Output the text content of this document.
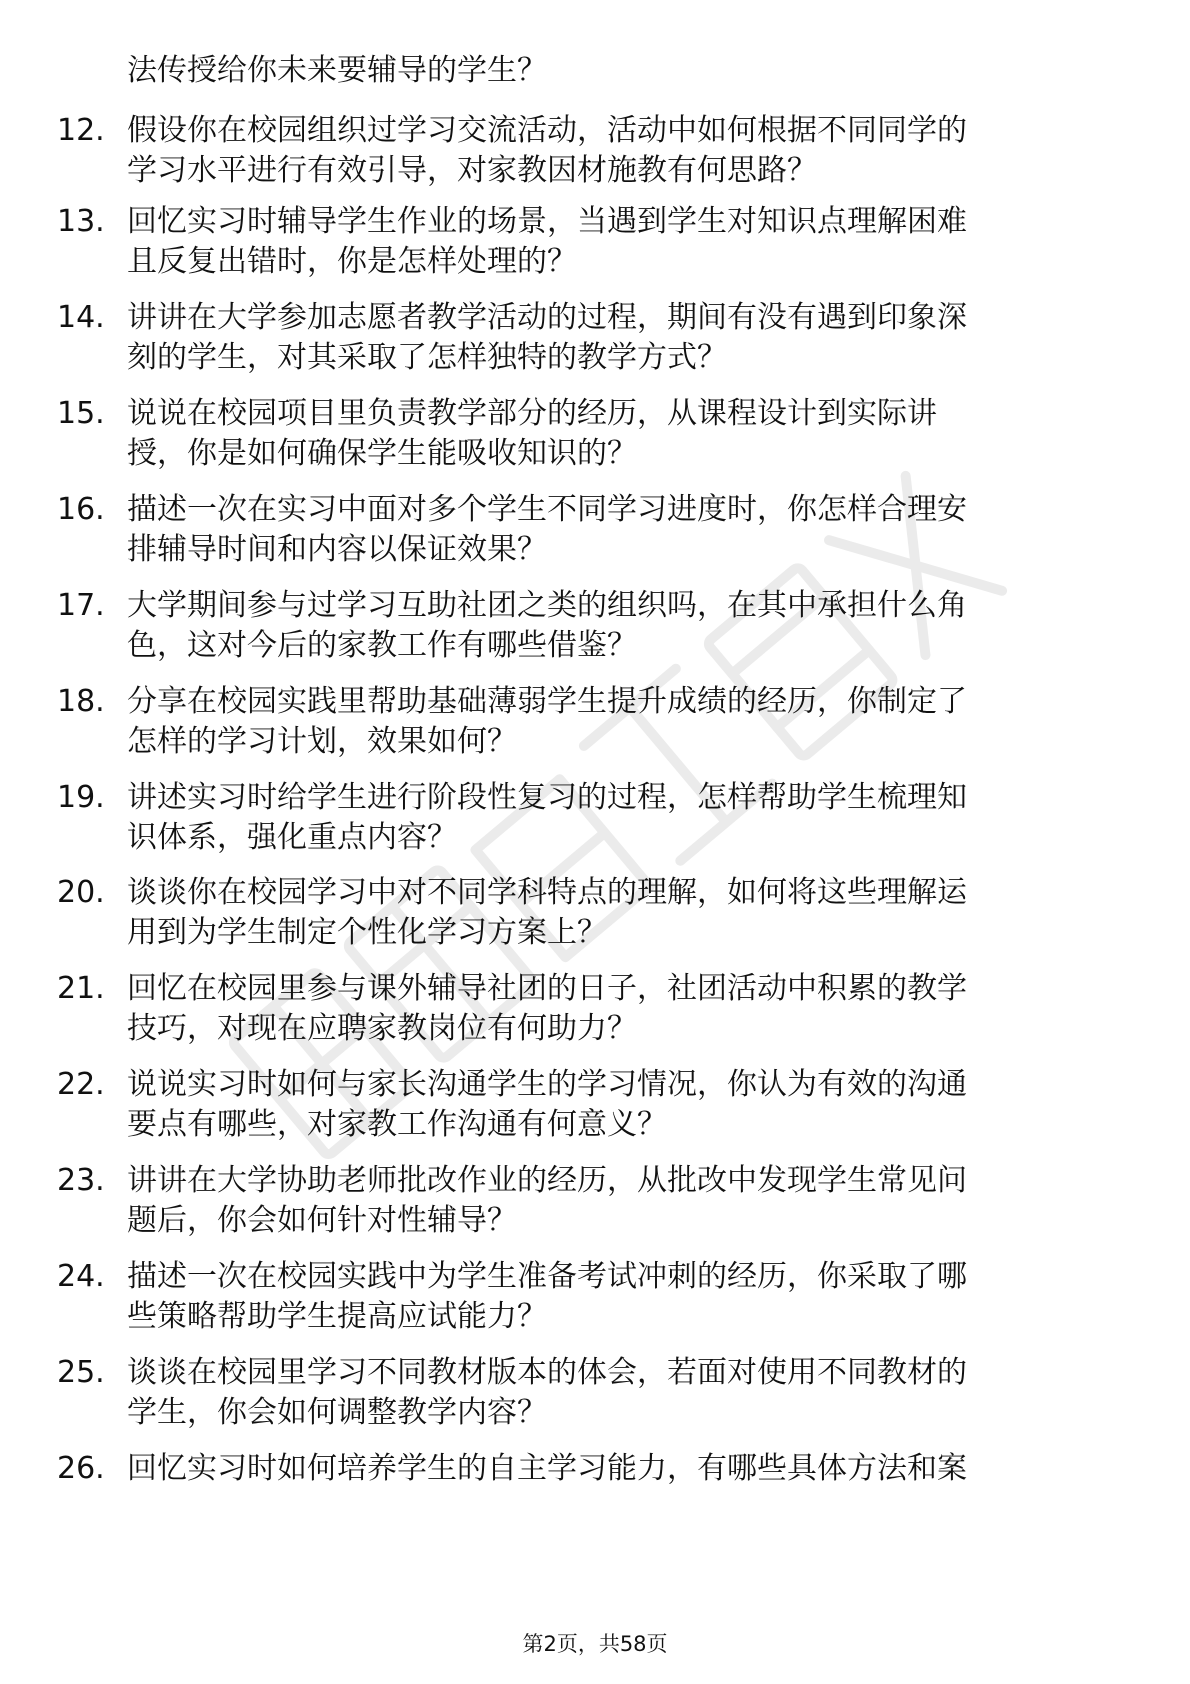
法传授给你未来要辅导的学生？
12. 假设你在校园组织过学习交流活动，活动中如何根据不同同学的
学习水平进行有效引导，对家教因材施教有何思路？
13. 回忆实习时辅导学生作业的场景，当遇到学生对知识点理解困难
且反复出错时，你是怎样处理的？
14. 讲讲在大学参加志愿者教学活动的过程，期间有没有遇到印象深
刻的学生，对其采取了怎样独特的教学方式？
15. 说说在校园项目里负责教学部分的经历，从课程设计到实际讲
授，你是如何确保学生能吸收知识的？
16. 描述一次在实习中面对多个学生不同学习进度时，你怎样合理安
排辅导时间和内容以保证效果？
17. 大学期间参与过学习互助社团之类的组织吗，在其中承担什么角
色，这对今后的家教工作有哪些借鉴？
18. 分享在校园实践里帮助基础薄弱学生提升成绩的经历，你制定了
怎样的学习计划，效果如何？
19. 讲述实习时给学生进行阶段性复习的过程，怎样帮助学生梳理知
识体系，强化重点内容？
20. 谈谈你在校园学习中对不同学科特点的理解，如何将这些理解运
用到为学生制定个性化学习方案上？
21. 回忆在校园里参与课外辅导社团的日子，社团活动中积累的教学
技巧，对现在应聘家教岗位有何助力？
22. 说说实习时如何与家长沟通学生的学习情况，你认为有效的沟通
要点有哪些，对家教工作沟通有何意义？
23. 讲讲在大学协助老师批改作业的经历，从批改中发现学生常见问
题后，你会如何针对性辅导？
24. 描述一次在校园实践中为学生准备考试冲刺的经历，你采取了哪
些策略帮助学生提高应试能力？
25. 谈谈在校园里学习不同教材版本的体会，若面对使用不同教材的
学生，你会如何调整教学内容？
26. 回忆实习时如何培养学生的自主学习能力，有哪些具体方法和案
第2页，共58页
